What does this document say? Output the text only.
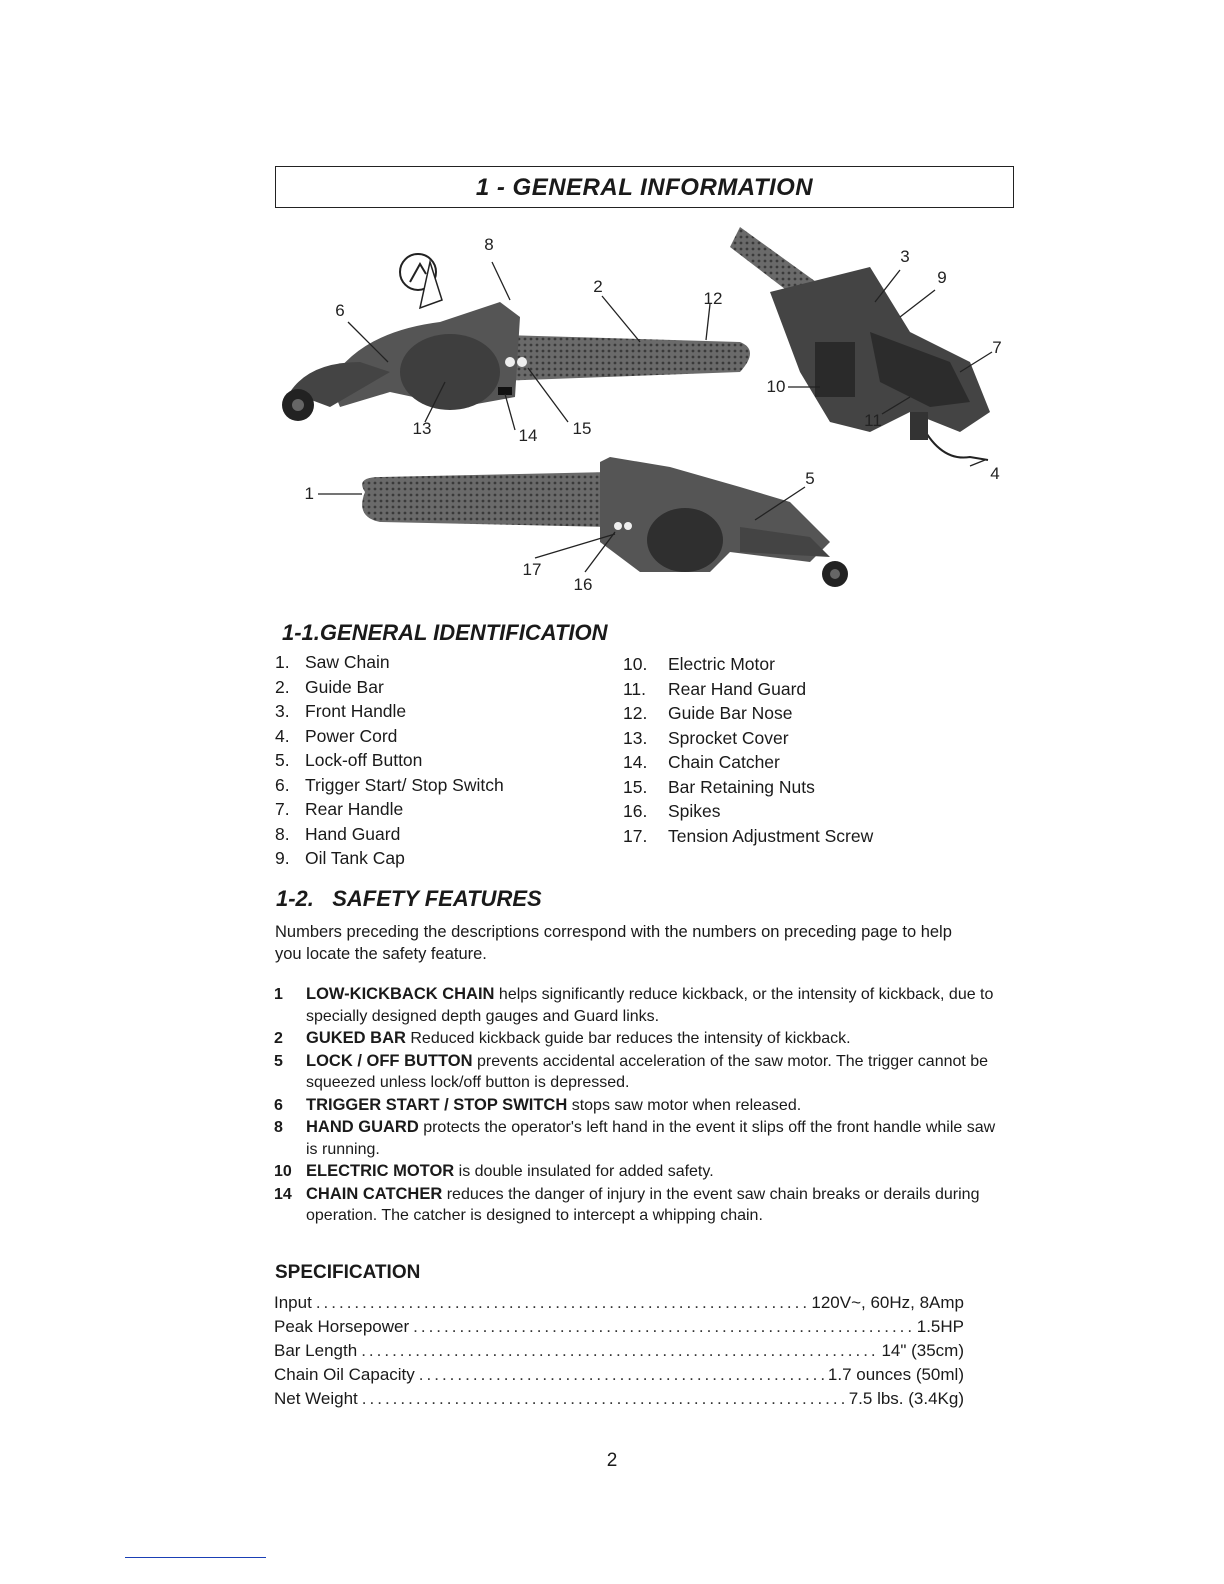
1 - GENERAL INFORMATION
1
2
3
4
5
6
7
8
9
10
11
12
13	14 15
16
17
1-1.GENERAL IDENTIFICATION
1. Saw Chain
2. Guide Bar
3. Front Handle
4. Power Cord
5. Lock-off Button
6. Trigger Start/ Stop Switch
7. Rear Handle
8. Hand Guard
9. Oil Tank Cap
10. Electric Motor
11. Rear Hand Guard
12. Guide Bar Nose
13. Sprocket Cover
14. Chain Catcher
15. Bar Retaining Nuts
16. Spikes
17. Tension Adjustment Screw
1-2.   SAFETY FEATURES
Numbers preceding the descriptions correspond with the numbers on preceding page to help you locate the safety feature.
1 LOW-KICKBACK CHAIN helps significantly reduce kickback, or the intensity of kickback, due to specially designed depth gauges and Guard links.
2 GUKED BAR Reduced kickback guide bar reduces the intensity of kickback.
5 LOCK / OFF BUTTON prevents accidental acceleration of the saw motor. The trigger cannot be squeezed unless lock/off button is depressed.
6 TRIGGER START / STOP SWITCH stops saw motor when released.
8 HAND GUARD protects the operator's left hand in the event it slips off the front handle while saw is running.
10 ELECTRIC MOTOR is double insulated for added safety.
14 CHAIN CATCHER reduces the danger of injury in the event saw chain breaks or derails during operation. The catcher is designed to intercept a whipping chain.
SPECIFICATION
Input .....	120V~, 60Hz, 8Amp
Peak Horsepower .....	1.5HP
Bar Length .....	14" (35cm)
Chain Oil Capacity .....	1.7 ounces (50ml)
Net Weight .....	7.5 lbs. (3.4Kg)
2
